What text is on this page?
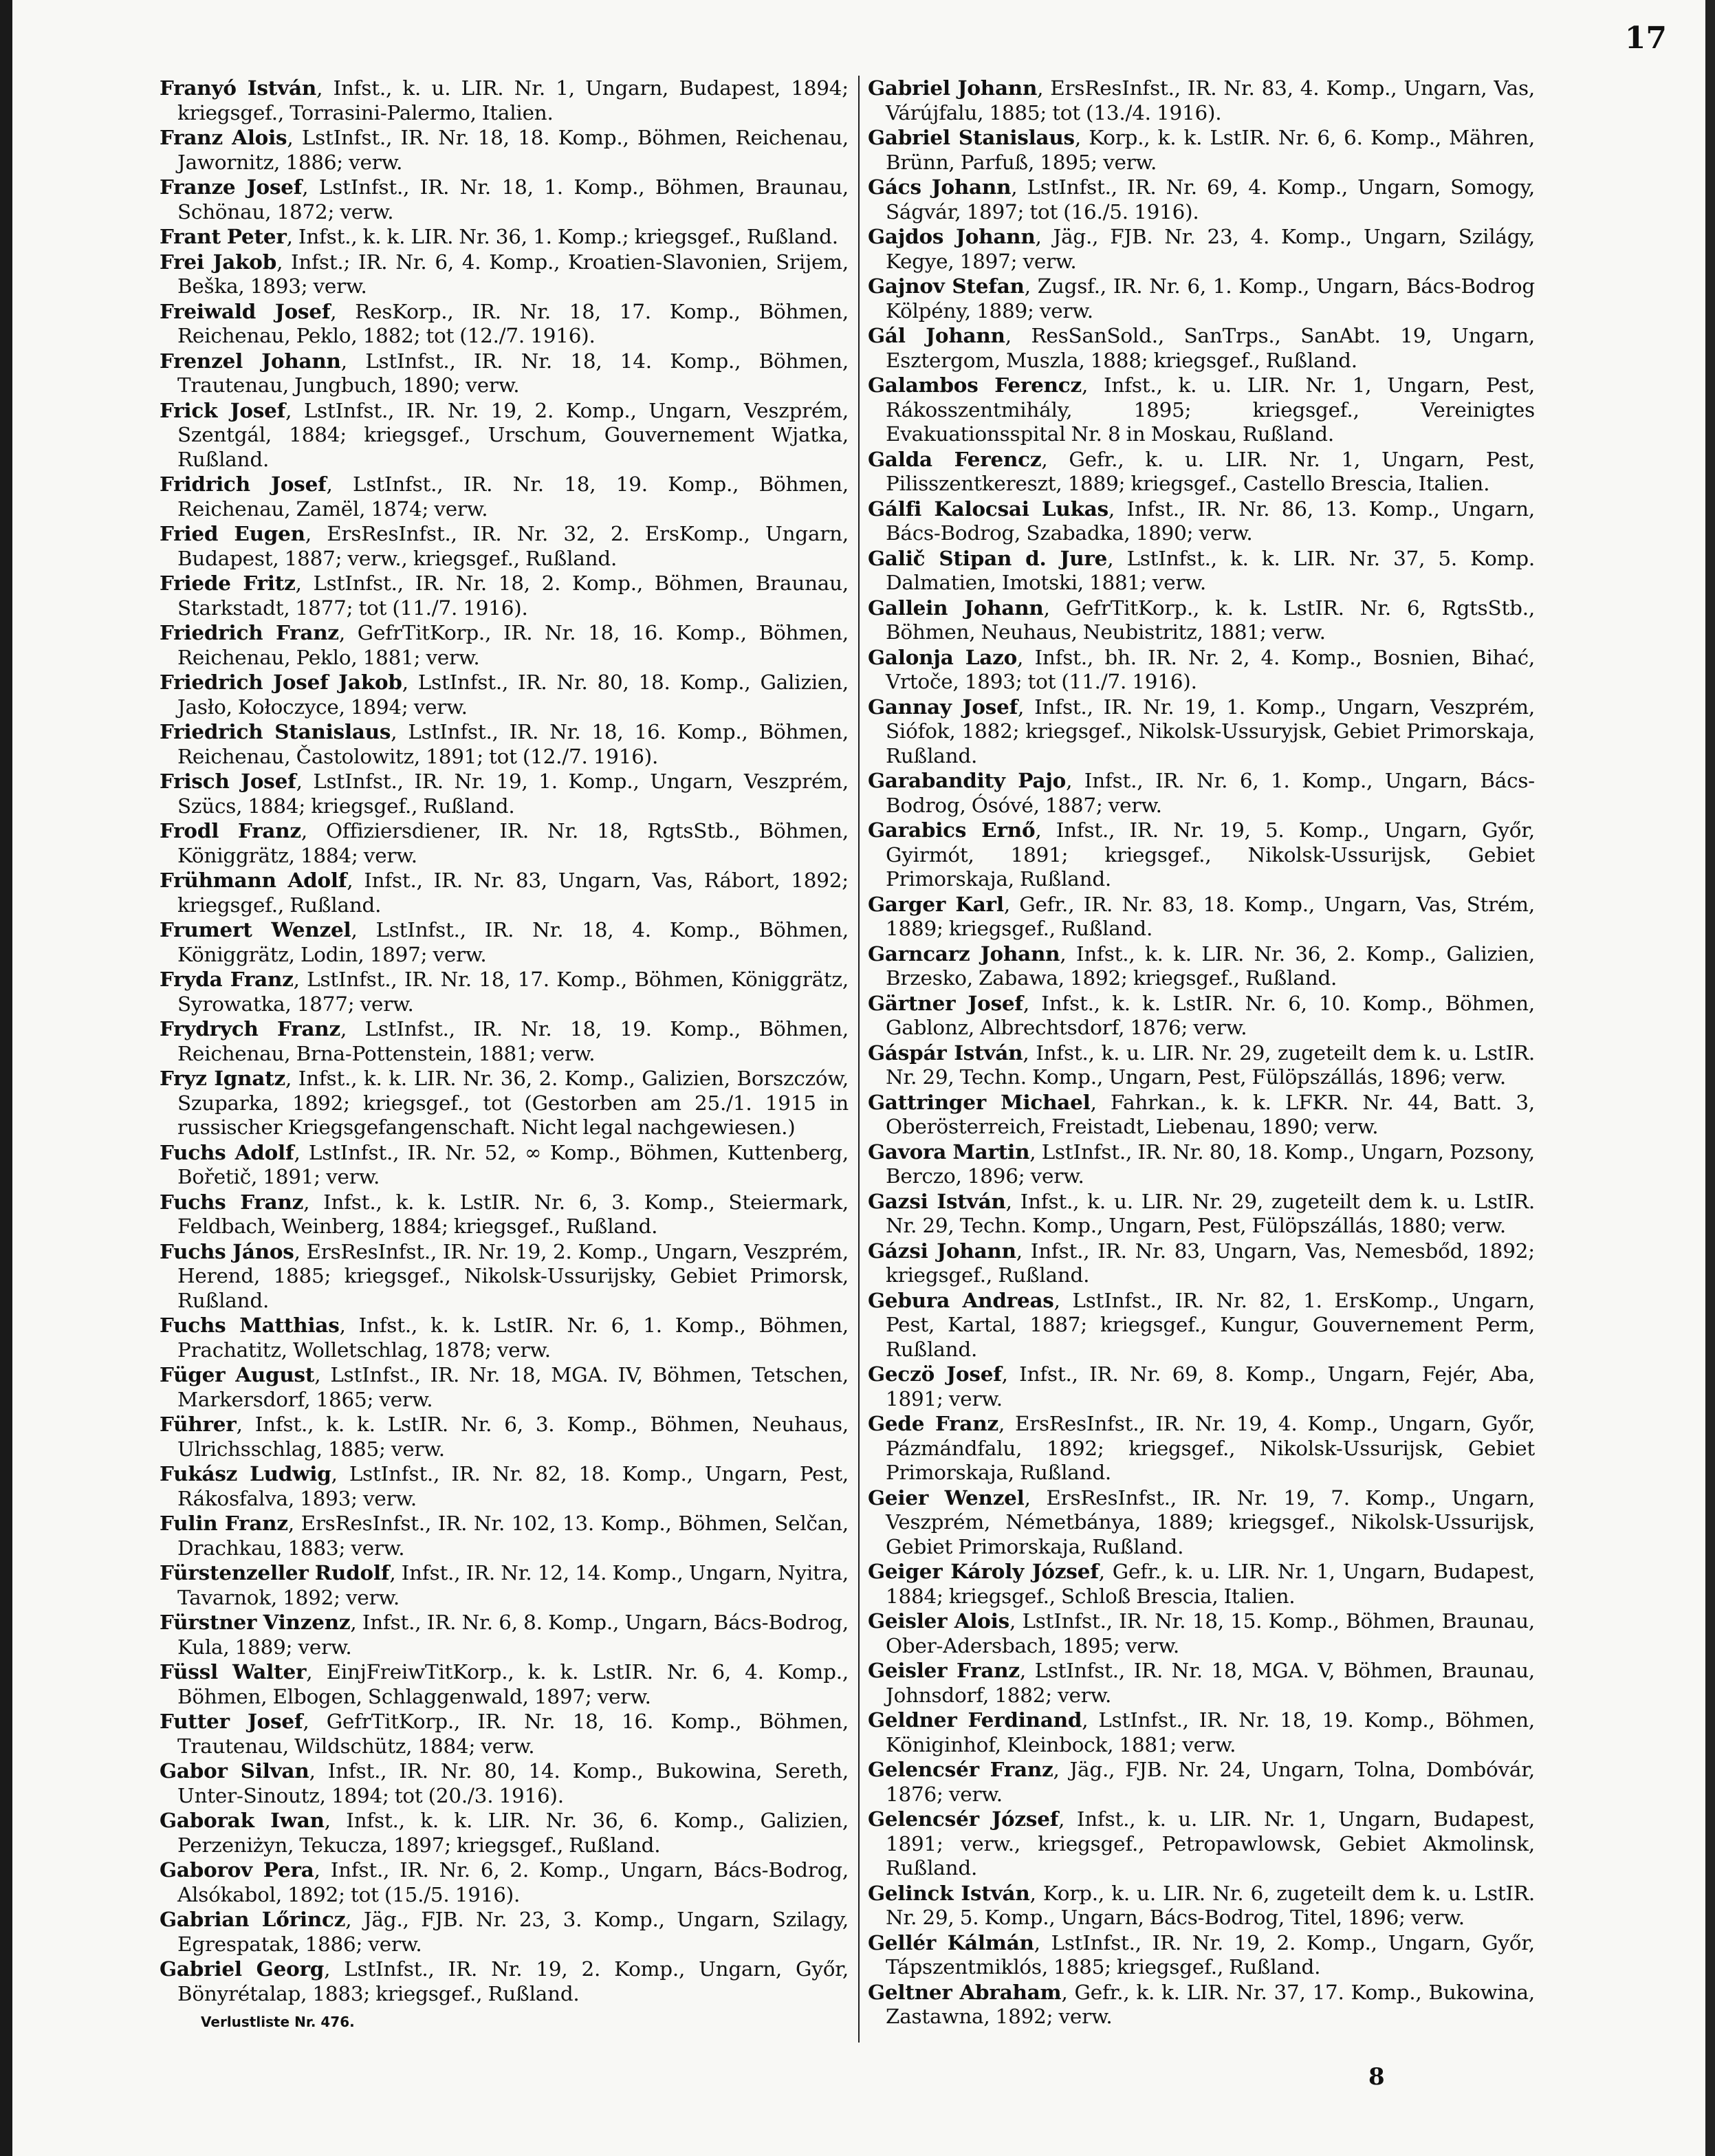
17

Franyó István, Infst., k. u. LIR. Nr. 1, Ungarn, Budapest, 1894; kriegsgef., Torrasini-Palermo, Italien.

Franz Alois, LstInfst., IR. Nr. 18, 18. Komp., Böhmen, Reichenau, Jawornitz, 1886; verw.

Franze Josef, LstInfst., IR. Nr. 18, 1. Komp., Böhmen, Braunau, Schönau, 1872; verw.

Frant Peter, Infst., k. k. LIR. Nr. 36, 1. Komp.; kriegsgef., Rußland.

Frei Jakob, Infst.; IR. Nr. 6, 4. Komp., Kroatien-Slavonien, Srijem, Beška, 1893; verw.

Freiwald Josef, ResKorp., IR. Nr. 18, 17. Komp., Böhmen, Reichenau, Peklo, 1882; tot (12./7. 1916).

Frenzel Johann, LstInfst., IR. Nr. 18, 14. Komp., Böhmen, Trautenau, Jungbuch, 1890; verw.

Frick Josef, LstInfst., IR. Nr. 19, 2. Komp., Ungarn, Veszprém, Szentgál, 1884; kriegsgef., Urschum, Gouvernement Wjatka, Rußland.

Fridrich Josef, LstInfst., IR. Nr. 18, 19. Komp., Böhmen, Reichenau, Zamël, 1874; verw.

Fried Eugen, ErsResInfst., IR. Nr. 32, 2. ErsKomp., Ungarn, Budapest, 1887; verw., kriegsgef., Rußland.

Friede Fritz, LstInfst., IR. Nr. 18, 2. Komp., Böhmen, Braunau, Starkstadt, 1877; tot (11./7. 1916).

Friedrich Franz, GefrTitKorp., IR. Nr. 18, 16. Komp., Böhmen, Reichenau, Peklo, 1881; verw.

Friedrich Josef Jakob, LstInfst., IR. Nr. 80, 18. Komp., Galizien, Jasło, Kołoczyce, 1894; verw.

Friedrich Stanislaus, LstInfst., IR. Nr. 18, 16. Komp., Böhmen, Reichenau, Častolowitz, 1891; tot (12./7. 1916).

Frisch Josef, LstInfst., IR. Nr. 19, 1. Komp., Ungarn, Veszprém, Szücs, 1884; kriegsgef., Rußland.

Frodl Franz, Offiziersdiener, IR. Nr. 18, RgtsStb., Böhmen, Königgrätz, 1884; verw.

Frühmann Adolf, Infst., IR. Nr. 83, Ungarn, Vas, Rábort, 1892; kriegsgef., Rußland.

Frumert Wenzel, LstInfst., IR. Nr. 18, 4. Komp., Böhmen, Königgrätz, Lodin, 1897; verw.

Fryda Franz, LstInfst., IR. Nr. 18, 17. Komp., Böhmen, Königgrätz, Syrowatka, 1877; verw.

Frydrych Franz, LstInfst., IR. Nr. 18, 19. Komp., Böhmen, Reichenau, Brna-Pottenstein, 1881; verw.

Fryz Ignatz, Infst., k. k. LIR. Nr. 36, 2. Komp., Galizien, Borszczów, Szuparka, 1892; kriegsgef., tot (Gestorben am 25./1. 1915 in russischer Kriegsgefangenschaft. Nicht legal nachgewiesen.)

Fuchs Adolf, LstInfst., IR. Nr. 52, ∞ Komp., Böhmen, Kuttenberg, Bořetič, 1891; verw.

Fuchs Franz, Infst., k. k. LstIR. Nr. 6, 3. Komp., Steiermark, Feldbach, Weinberg, 1884; kriegsgef., Rußland.

Fuchs János, ErsResInfst., IR. Nr. 19, 2. Komp., Ungarn, Veszprém, Herend, 1885; kriegsgef., Nikolsk-Ussurijsky, Gebiet Primorsk, Rußland.

Fuchs Matthias, Infst., k. k. LstIR. Nr. 6, 1. Komp., Böhmen, Prachatitz, Wolletschlag, 1878; verw.

Füger August, LstInfst., IR. Nr. 18, MGA. IV, Böhmen, Tetschen, Markersdorf, 1865; verw.

Führer, Infst., k. k. LstIR. Nr. 6, 3. Komp., Böhmen, Neuhaus, Ulrichsschlag, 1885; verw.

Fukász Ludwig, LstInfst., IR. Nr. 82, 18. Komp., Ungarn, Pest, Rákosfalva, 1893; verw.

Fulin Franz, ErsResInfst., IR. Nr. 102, 13. Komp., Böhmen, Selčan, Drachkau, 1883; verw.

Fürstenzeller Rudolf, Infst., IR. Nr. 12, 14. Komp., Ungarn, Nyitra, Tavarnok, 1892; verw.

Fürstner Vinzenz, Infst., IR. Nr. 6, 8. Komp., Ungarn, Bács-Bodrog, Kula, 1889; verw.

Füssl Walter, EinjFreiwTitKorp., k. k. LstIR. Nr. 6, 4. Komp., Böhmen, Elbogen, Schlaggenwald, 1897; verw.

Futter Josef, GefrTitKorp., IR. Nr. 18, 16. Komp., Böhmen, Trautenau, Wildschütz, 1884; verw.

Gabor Silvan, Infst., IR. Nr. 80, 14. Komp., Bukowina, Sereth, Unter-Sinoutz, 1894; tot (20./3. 1916).

Gaborak Iwan, Infst., k. k. LIR. Nr. 36, 6. Komp., Galizien, Perzeniżyn, Tekucza, 1897; kriegsgef., Rußland.

Gaborov Pera, Infst., IR. Nr. 6, 2. Komp., Ungarn, Bács-Bodrog, Alsókabol, 1892; tot (15./5. 1916).

Gabrian Lőrincz, Jäg., FJB. Nr. 23, 3. Komp., Ungarn, Szilagy, Egrespatak, 1886; verw.

Gabriel Georg, LstInfst., IR. Nr. 19, 2. Komp., Ungarn, Győr, Bönyrétalap, 1883; kriegsgef., Rußland.

Verlustliste Nr. 476.

Gabriel Johann, ErsResInfst., IR. Nr. 83, 4. Komp., Ungarn, Vas, Várújfalu, 1885; tot (13./4. 1916).

Gabriel Stanislaus, Korp., k. k. LstIR. Nr. 6, 6. Komp., Mähren, Brünn, Parfuß, 1895; verw.

Gács Johann, LstInfst., IR. Nr. 69, 4. Komp., Ungarn, Somogy, Ságvár, 1897; tot (16./5. 1916).

Gajdos Johann, Jäg., FJB. Nr. 23, 4. Komp., Ungarn, Szilágy, Kegye, 1897; verw.

Gajnov Stefan, Zugsf., IR. Nr. 6, 1. Komp., Ungarn, Bács-Bodrog Kölpény, 1889; verw.

Gál Johann, ResSanSold., SanTrps., SanAbt. 19, Ungarn, Esztergom, Muszla, 1888; kriegsgef., Rußland.

Galambos Ferencz, Infst., k. u. LIR. Nr. 1, Ungarn, Pest, Rákosszentmihály, 1895; kriegsgef., Vereinigtes Evakuationsspital Nr. 8 in Moskau, Rußland.

Galda Ferencz, Gefr., k. u. LIR. Nr. 1, Ungarn, Pest, Pilisszentkereszt, 1889; kriegsgef., Castello Brescia, Italien.

Gálfi Kalocsai Lukas, Infst., IR. Nr. 86, 13. Komp., Ungarn, Bács-Bodrog, Szabadka, 1890; verw.

Galič Stipan d. Jure, LstInfst., k. k. LIR. Nr. 37, 5. Komp. Dalmatien, Imotski, 1881; verw.

Gallein Johann, GefrTitKorp., k. k. LstIR. Nr. 6, RgtsStb., Böhmen, Neuhaus, Neubistritz, 1881; verw.

Galonja Lazo, Infst., bh. IR. Nr. 2, 4. Komp., Bosnien, Bihać, Vrtoče, 1893; tot (11./7. 1916).

Gannay Josef, Infst., IR. Nr. 19, 1. Komp., Ungarn, Veszprém, Siófok, 1882; kriegsgef., Nikolsk-Ussuryjsk, Gebiet Primorskaja, Rußland.

Garabandity Pajo, Infst., IR. Nr. 6, 1. Komp., Ungarn, Bács-Bodrog, Ósóvé, 1887; verw.

Garabics Ernő, Infst., IR. Nr. 19, 5. Komp., Ungarn, Győr, Gyirmót, 1891; kriegsgef., Nikolsk-Ussurijsk, Gebiet Primorskaja, Rußland.

Garger Karl, Gefr., IR. Nr. 83, 18. Komp., Ungarn, Vas, Strém, 1889; kriegsgef., Rußland.

Garncarz Johann, Infst., k. k. LIR. Nr. 36, 2. Komp., Galizien, Brzesko, Zabawa, 1892; kriegsgef., Rußland.

Gärtner Josef, Infst., k. k. LstIR. Nr. 6, 10. Komp., Böhmen, Gablonz, Albrechtsdorf, 1876; verw.

Gáspár István, Infst., k. u. LIR. Nr. 29, zugeteilt dem k. u. LstIR. Nr. 29, Techn. Komp., Ungarn, Pest, Fülöpszállás, 1896; verw.

Gattringer Michael, Fahrkan., k. k. LFKR. Nr. 44, Batt. 3, Oberösterreich, Freistadt, Liebenau, 1890; verw.

Gavora Martin, LstInfst., IR. Nr. 80, 18. Komp., Ungarn, Pozsony, Berczo, 1896; verw.

Gazsi István, Infst., k. u. LIR. Nr. 29, zugeteilt dem k. u. LstIR. Nr. 29, Techn. Komp., Ungarn, Pest, Fülöpszállás, 1880; verw.

Gázsi Johann, Infst., IR. Nr. 83, Ungarn, Vas, Nemesbőd, 1892; kriegsgef., Rußland.

Gebura Andreas, LstInfst., IR. Nr. 82, 1. ErsKomp., Ungarn, Pest, Kartal, 1887; kriegsgef., Kungur, Gouvernement Perm, Rußland.

Geczö Josef, Infst., IR. Nr. 69, 8. Komp., Ungarn, Fejér, Aba, 1891; verw.

Gede Franz, ErsResInfst., IR. Nr. 19, 4. Komp., Ungarn, Győr, Pázmándfalu, 1892; kriegsgef., Nikolsk-Ussurijsk, Gebiet Primorskaja, Rußland.

Geier Wenzel, ErsResInfst., IR. Nr. 19, 7. Komp., Ungarn, Veszprém, Németbánya, 1889; kriegsgef., Nikolsk-Ussurijsk, Gebiet Primorskaja, Rußland.

Geiger Károly József, Gefr., k. u. LIR. Nr. 1, Ungarn, Budapest, 1884; kriegsgef., Schloß Brescia, Italien.

Geisler Alois, LstInfst., IR. Nr. 18, 15. Komp., Böhmen, Braunau, Ober-Adersbach, 1895; verw.

Geisler Franz, LstInfst., IR. Nr. 18, MGA. V, Böhmen, Braunau, Johnsdorf, 1882; verw.

Geldner Ferdinand, LstInfst., IR. Nr. 18, 19. Komp., Böhmen, Königinhof, Kleinbock, 1881; verw.

Gelencsér Franz, Jäg., FJB. Nr. 24, Ungarn, Tolna, Dombóvár, 1876; verw.

Gelencsér József, Infst., k. u. LIR. Nr. 1, Ungarn, Budapest, 1891; verw., kriegsgef., Petropawlowsk, Gebiet Akmolinsk, Rußland.

Gelinck István, Korp., k. u. LIR. Nr. 6, zugeteilt dem k. u. LstIR. Nr. 29, 5. Komp., Ungarn, Bács-Bodrog, Titel, 1896; verw.

Gellér Kálmán, LstInfst., IR. Nr. 19, 2. Komp., Ungarn, Győr, Tápszentmiklós, 1885; kriegsgef., Rußland.

Geltner Abraham, Gefr., k. k. LIR. Nr. 37, 17. Komp., Bukowina, Zastawna, 1892; verw.

8
